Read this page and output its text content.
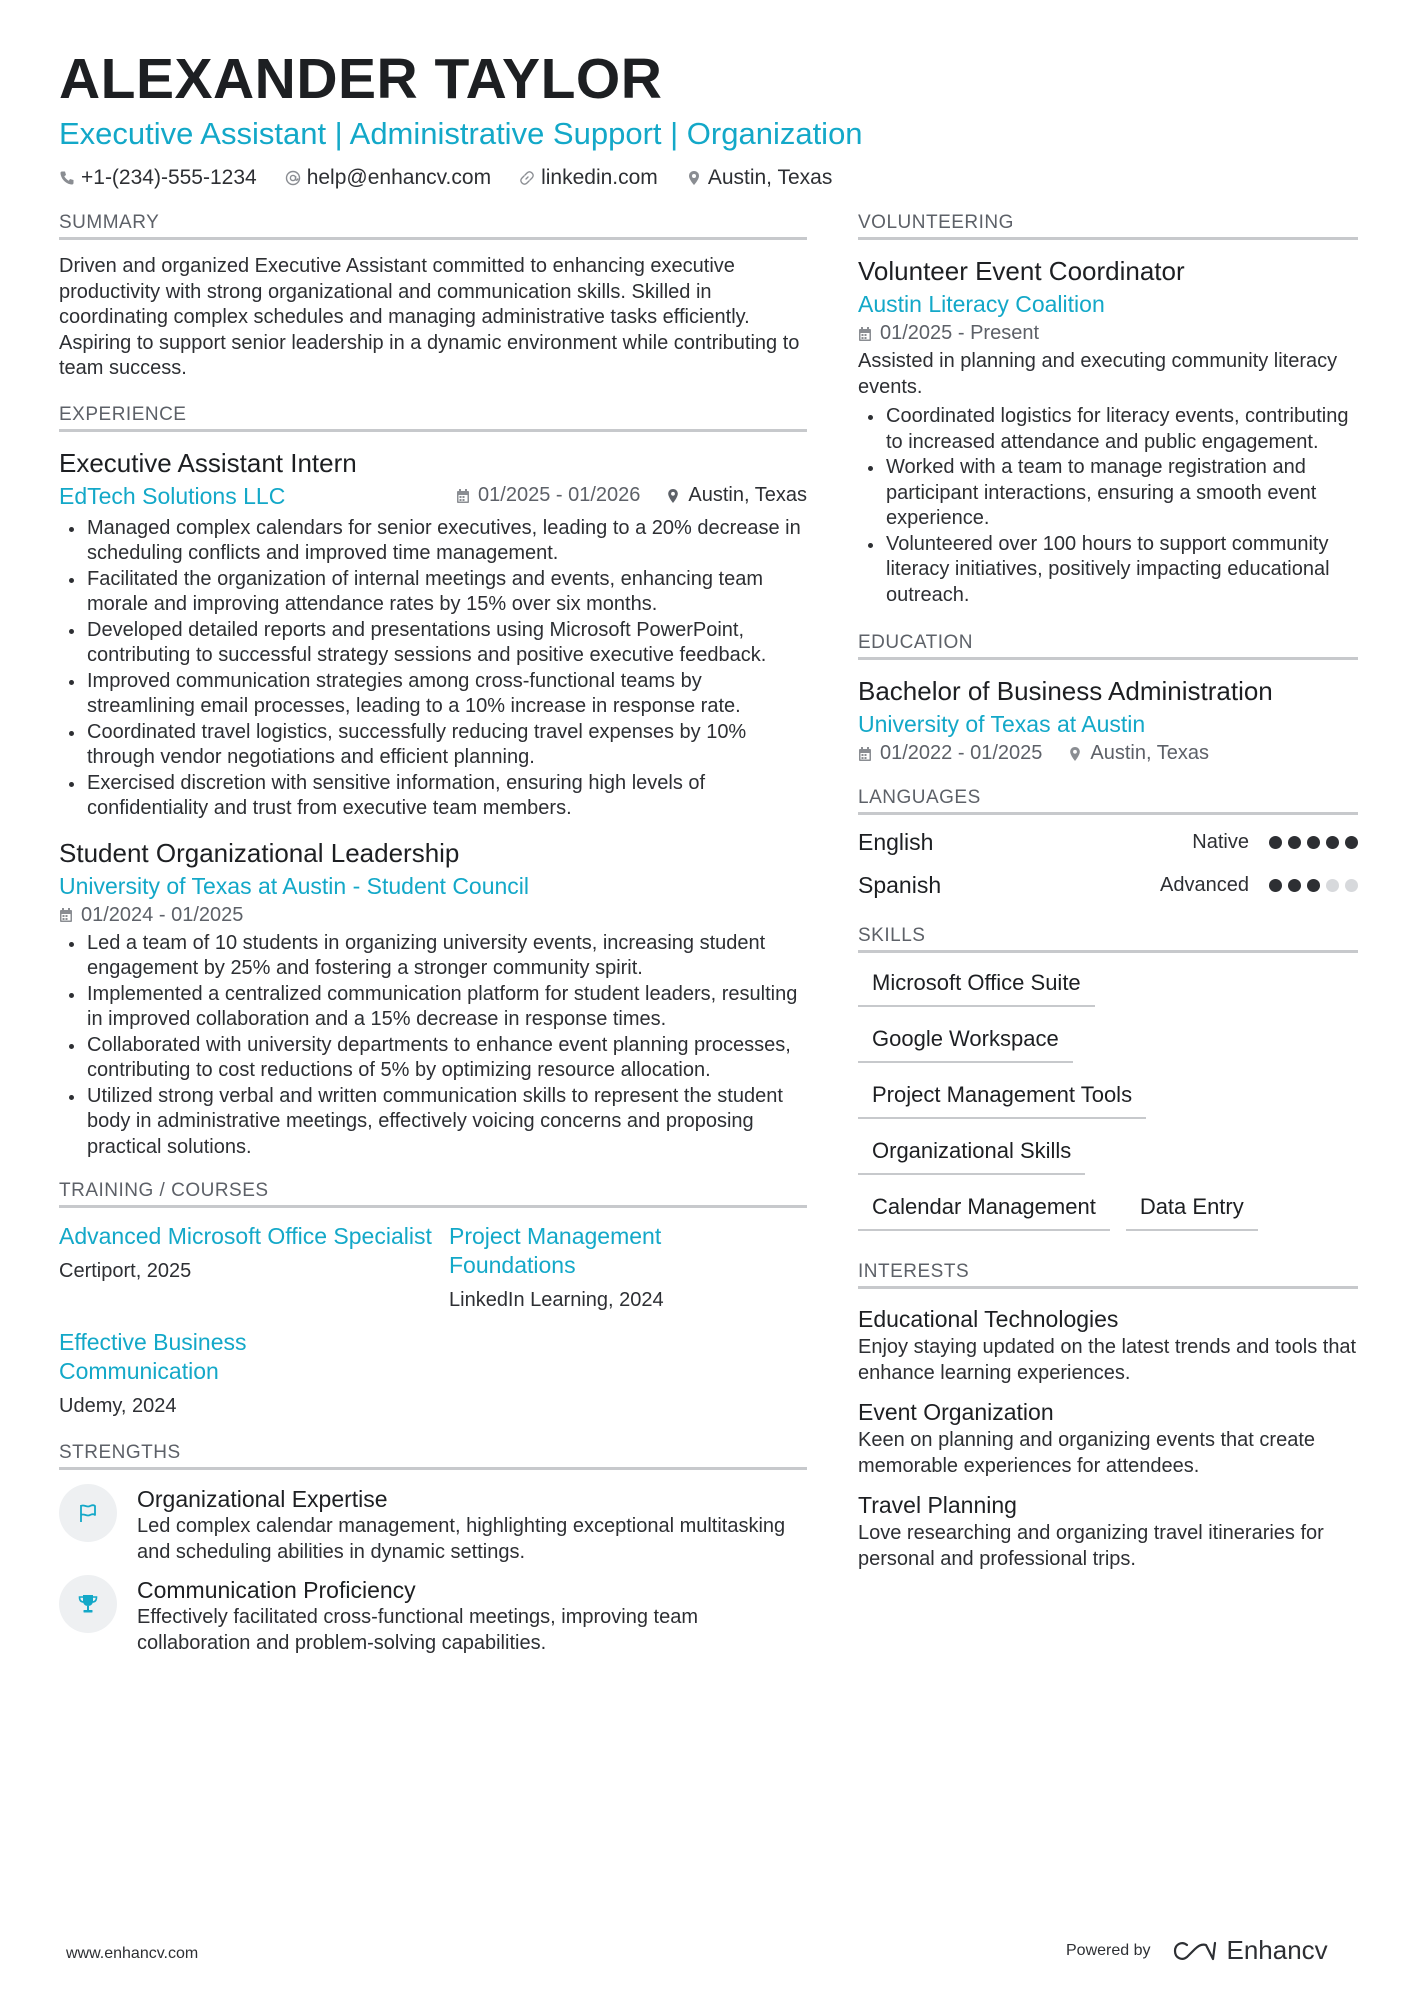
ALEXANDER TAYLOR
Executive Assistant | Administrative Support | Organization
+1-(234)-555-1234 help@enhancv.com linkedin.com Austin, Texas
SUMMARY
Driven and organized Executive Assistant committed to enhancing executive productivity with strong organizational and communication skills. Skilled in coordinating complex schedules and managing administrative tasks efficiently. Aspiring to support senior leadership in a dynamic environment while contributing to team success.
EXPERIENCE
Executive Assistant Intern
EdTech Solutions LLC	01/2025 - 01/2026 Austin, Texas
Managed complex calendars for senior executives, leading to a 20% decrease in scheduling conflicts and improved time management.
Facilitated the organization of internal meetings and events, enhancing team morale and improving attendance rates by 15% over six months.
Developed detailed reports and presentations using Microsoft PowerPoint, contributing to successful strategy sessions and positive executive feedback.
Improved communication strategies among cross-functional teams by streamlining email processes, leading to a 10% increase in response rate.
Coordinated travel logistics, successfully reducing travel expenses by 10% through vendor negotiations and efficient planning.
Exercised discretion with sensitive information, ensuring high levels of confidentiality and trust from executive team members.
Student Organizational Leadership
University of Texas at Austin - Student Council
01/2024 - 01/2025
Led a team of 10 students in organizing university events, increasing student engagement by 25% and fostering a stronger community spirit.
Implemented a centralized communication platform for student leaders, resulting in improved collaboration and a 15% decrease in response times.
Collaborated with university departments to enhance event planning processes, contributing to cost reductions of 5% by optimizing resource allocation.
Utilized strong verbal and written communication skills to represent the student body in administrative meetings, effectively voicing concerns and proposing practical solutions.
TRAINING / COURSES
Advanced Microsoft Office Specialist
Certiport, 2025
Project Management Foundations
LinkedIn Learning, 2024
Effective Business Communication
Udemy, 2024
STRENGTHS
Organizational Expertise
Led complex calendar management, highlighting exceptional multitasking and scheduling abilities in dynamic settings.
Communication Proficiency
Effectively facilitated cross-functional meetings, improving team collaboration and problem-solving capabilities.
VOLUNTEERING
Volunteer Event Coordinator
Austin Literacy Coalition
01/2025 - Present
Assisted in planning and executing community literacy events.
Coordinated logistics for literacy events, contributing to increased attendance and public engagement.
Worked with a team to manage registration and participant interactions, ensuring a smooth event experience.
Volunteered over 100 hours to support community literacy initiatives, positively impacting educational outreach.
EDUCATION
Bachelor of Business Administration
University of Texas at Austin
01/2022 - 01/2025 Austin, Texas
LANGUAGES
English	Native
Spanish	Advanced
SKILLS
Microsoft Office Suite
Google Workspace
Project Management Tools
Organizational Skills
Calendar Management	Data Entry
INTERESTS
Educational Technologies
Enjoy staying updated on the latest trends and tools that enhance learning experiences.
Event Organization
Keen on planning and organizing events that create memorable experiences for attendees.
Travel Planning
Love researching and organizing travel itineraries for personal and professional trips.
www.enhancv.com	Powered by	Enhancv
